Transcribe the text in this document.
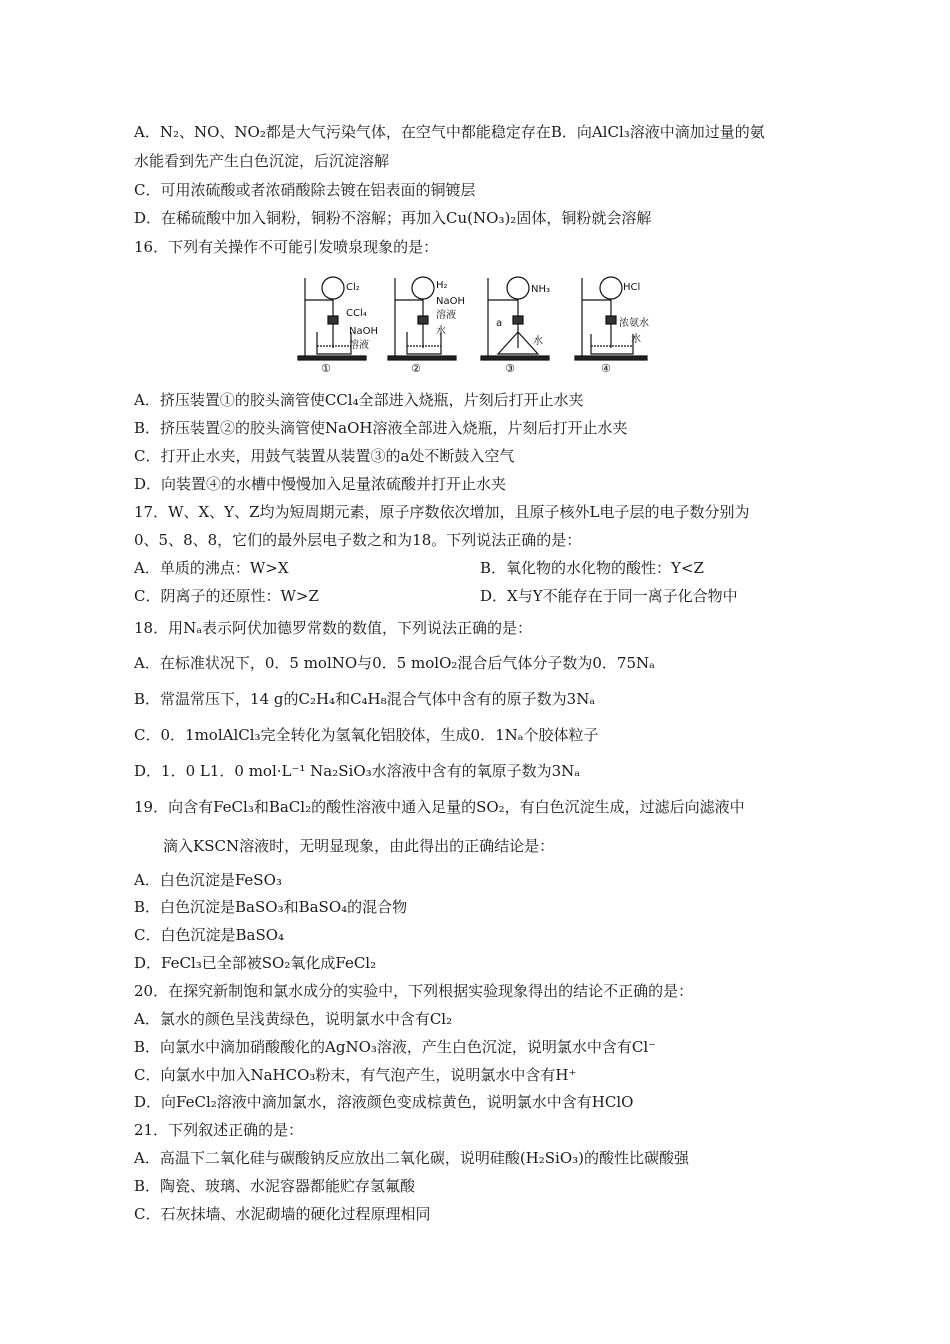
A．N₂、NO、NO₂都是大气污染气体，在空气中都能稳定存在B．向AlCl₃溶液中滴加过量的氨
水能看到先产生白色沉淀，后沉淀溶解
C．可用浓硫酸或者浓硝酸除去镀在铝表面的铜镀层
D．在稀硫酸中加入铜粉，铜粉不溶解；再加入Cu(NO₃)₂固体，铜粉就会溶解
16．下列有关操作不可能引发喷泉现象的是：
Cl₂
CCl₄
NaOH
溶液
①
H₂
NaOH
溶液
水
②
NH₃
a
水
③
HCl
浓氨水
水
④
A．挤压装置①的胶头滴管使CCl₄全部进入烧瓶，片刻后打开止水夹
B．挤压装置②的胶头滴管使NaOH溶液全部进入烧瓶，片刻后打开止水夹
C．打开止水夹，用鼓气装置从装置③的a处不断鼓入空气
D．向装置④的水槽中慢慢加入足量浓硫酸并打开止水夹
17．W、X、Y、Z均为短周期元素，原子序数依次增加，且原子核外L电子层的电子数分别为
0、5、8、8，它们的最外层电子数之和为18。下列说法正确的是：
A．单质的沸点：W>X	B．氧化物的水化物的酸性：Y<Z
C．阴离子的还原性：W>Z	D．X与Y不能存在于同一离子化合物中
18．用Nₐ表示阿伏加德罗常数的数值，下列说法正确的是：
A．在标准状况下，0．5 molNO与0．5 molO₂混合后气体分子数为0．75Nₐ
B．常温常压下，14 g的C₂H₄和C₄H₈混合气体中含有的原子数为3Nₐ
C．0．1molAlCl₃完全转化为氢氧化铝胶体，生成0．1Nₐ个胶体粒子
D．1．0 L1．0 mol·L⁻¹ Na₂SiO₃水溶液中含有的氧原子数为3Nₐ
19．向含有FeCl₃和BaCl₂的酸性溶液中通入足量的SO₂，有白色沉淀生成，过滤后向滤液中
滴入KSCN溶液时，无明显现象，由此得出的正确结论是：
A．白色沉淀是FeSO₃
B．白色沉淀是BaSO₃和BaSO₄的混合物
C．白色沉淀是BaSO₄
D．FeCl₃已全部被SO₂氧化成FeCl₂
20．在探究新制饱和氯水成分的实验中，下列根据实验现象得出的结论不正确的是：
A．氯水的颜色呈浅黄绿色，说明氯水中含有Cl₂
B．向氯水中滴加硝酸酸化的AgNO₃溶液，产生白色沉淀，说明氯水中含有Cl⁻
C．向氯水中加入NaHCO₃粉末，有气泡产生，说明氯水中含有H⁺
D．向FeCl₂溶液中滴加氯水，溶液颜色变成棕黄色，说明氯水中含有HClO
21．下列叙述正确的是：
A．高温下二氧化硅与碳酸钠反应放出二氧化碳，说明硅酸(H₂SiO₃)的酸性比碳酸强
B．陶瓷、玻璃、水泥容器都能贮存氢氟酸
C．石灰抹墙、水泥砌墙的硬化过程原理相同
